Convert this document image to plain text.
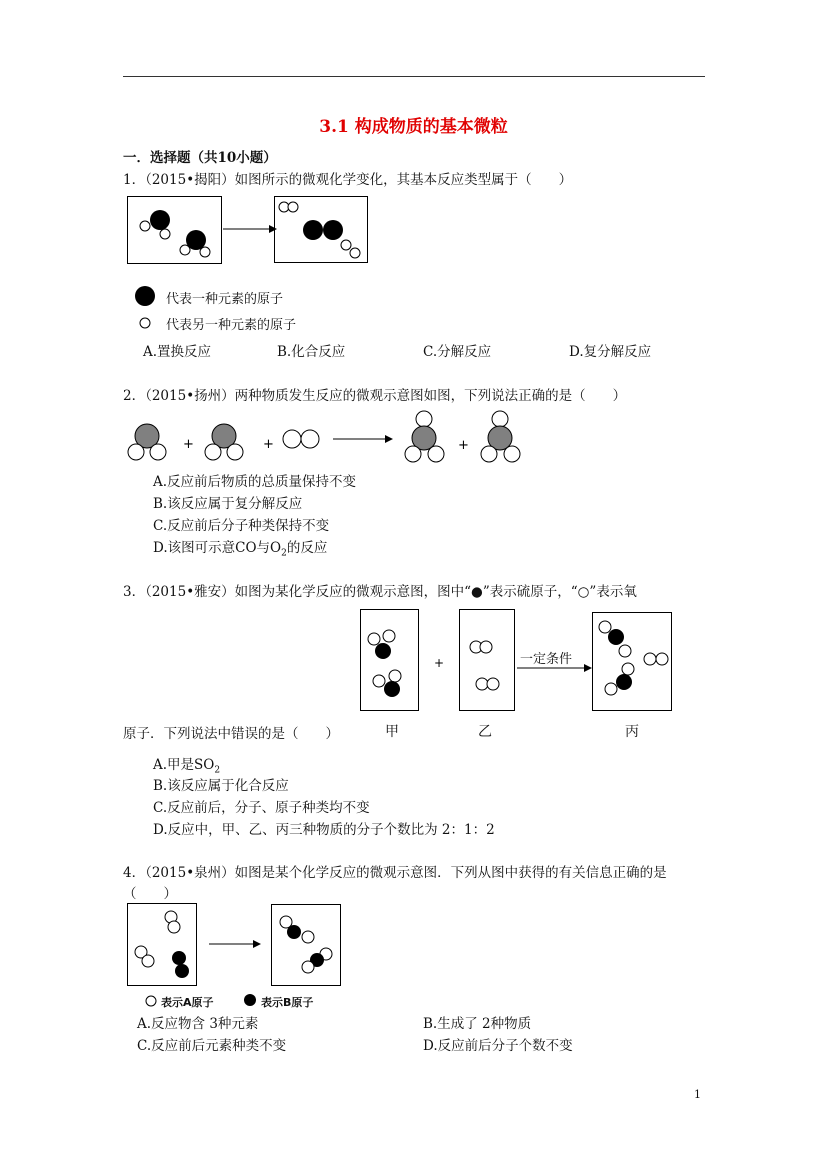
3.1 构成物质的基本微粒
一．选择题（共10小题）
1．（2015•揭阳）如图所示的微观化学变化，其基本反应类型属于（　　）
代表一种元素的原子
代表另一种元素的原子
A.置换反应	B.化合反应	C.分解反应	D.复分解反应
2．（2015•扬州）两种物质发生反应的微观示意图如图，下列说法正确的是（　　）
+	+	+
A.反应前后物质的总质量保持不变
B.该反应属于复分解反应
C.反应前后分子种类保持不变
D.该图可示意CO与$O_2$的反应
3．（2015•雅安）如图为某化学反应的微观示意图，图中“●”表示硫原子，“○”表示氧
+	一定条件
原子．下列说法中错误的是（　　）	甲	乙	丙
A.甲是$SO_2$
B.该反应属于化合反应
C.反应前后，分子、原子种类均不变
D.反应中，甲、乙、丙三种物质的分子个数比为 2：1：2
4．（2015•泉州）如图是某个化学反应的微观示意图．下列从图中获得的有关信息正确的是
（　　）
表示A原子	表示B原子
A.反应物含 3种元素	B.生成了 2种物质
C.反应前后元素种类不变	D.反应前后分子个数不变
1
